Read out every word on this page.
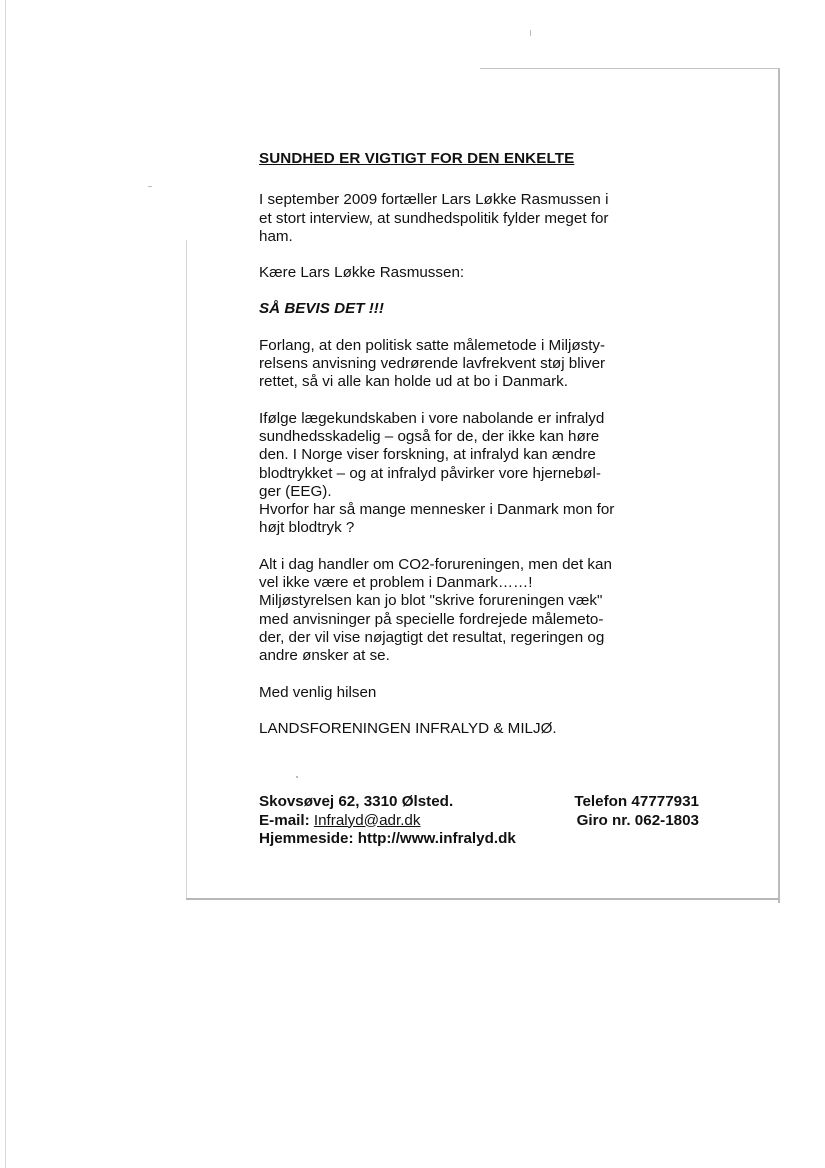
SUNDHED ER VIGTIGT FOR DEN ENKELTE

I september 2009 fortæller Lars Løkke Rasmussen i

et stort interview, at sundhedspolitik fylder meget for

ham.

Kære Lars Løkke Rasmussen:

SÅ BEVIS DET !!!

Forlang, at den politisk satte målemetode i Miljøsty-

relsens anvisning vedrørende lavfrekvent støj bliver

rettet, så vi alle kan holde ud at bo i Danmark.

Ifølge lægekundskaben i vore nabolande er infralyd

sundhedsskadelig – også for de, der ikke kan høre

den. I Norge viser forskning, at infralyd kan ændre

blodtrykket – og at infralyd påvirker vore hjernebøl-

ger (EEG).

Hvorfor har så mange mennesker i Danmark mon for

højt blodtryk ?

Alt i dag handler om CO2-forureningen, men det kan

vel ikke være et problem i Danmark……!

Miljøstyrelsen kan jo blot "skrive forureningen væk"

med anvisninger på specielle fordrejede målemeto-

der, der vil vise nøjagtigt det resultat, regeringen og

andre ønsker at se.

Med venlig hilsen

LANDSFORENINGEN INFRALYD & MILJØ.

Skovsøvej 62, 3310 Ølsted.	Telefon 47777931
E-mail: Infralyd@adr.dk	Giro nr. 062-1803
Hjemmeside: http://www.infralyd.dk
